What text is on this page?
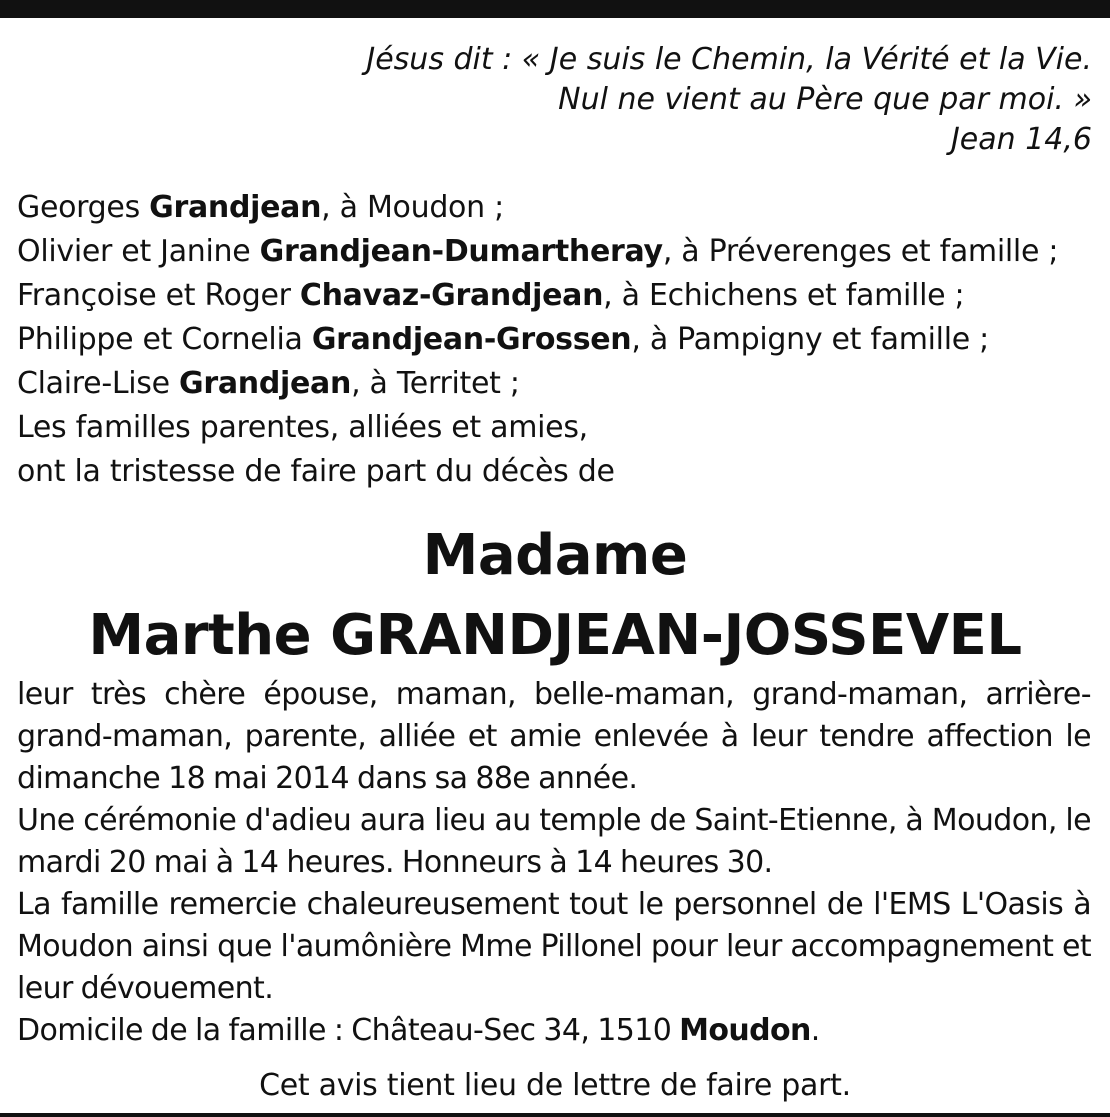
Jésus dit : « Je suis le Chemin, la Vérité et la Vie.
Nul ne vient au Père que par moi. »
Jean 14,6
Georges Grandjean, à Moudon ;
Olivier et Janine Grandjean-Dumartheray, à Préverenges et famille ;
Françoise et Roger Chavaz-Grandjean, à Echichens et famille ;
Philippe et Cornelia Grandjean-Grossen, à Pampigny et famille ;
Claire-Lise Grandjean, à Territet ;
Les familles parentes, alliées et amies,
ont la tristesse de faire part du décès de
Madame
Marthe GRANDJEAN-JOSSEVEL

leur très chère épouse, maman, belle-maman, grand-maman, arrière-grand-maman, parente, alliée et amie enlevée à leur tendre affection le dimanche 18 mai 2014 dans sa 88e année.

Une cérémonie d'adieu aura lieu au temple de Saint-Etienne, à Moudon, le mardi 20 mai à 14 heures. Honneurs à 14 heures 30.

La famille remercie chaleureusement tout le personnel de l'EMS L'Oasis à Moudon ainsi que l'aumônière Mme Pillonel pour leur accompagnement et leur dévouement.

Domicile de la famille : Château-Sec 34, 1510 Moudon.

Cet avis tient lieu de lettre de faire part.
